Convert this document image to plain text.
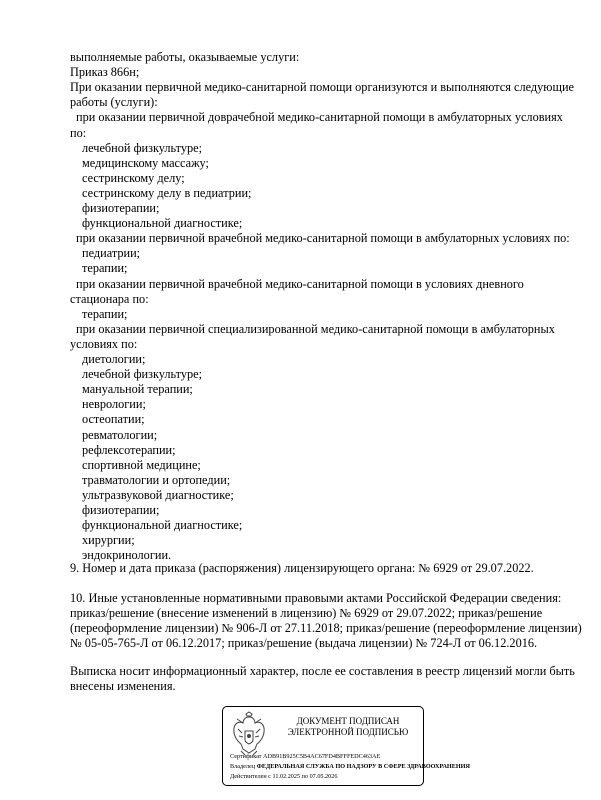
выполняемые работы, оказываемые услуги:

Приказ 866н;

При оказании первичной медико-санитарной помощи организуются и выполняются следующие

работы (услуги):

при оказании первичной доврачебной медико-санитарной помощи в амбулаторных условиях

по:

лечебной физкультуре;

медицинскому массажу;

сестринскому делу;

сестринскому делу в педиатрии;

физиотерапии;

функциональной диагностике;

при оказании первичной врачебной медико-санитарной помощи в амбулаторных условиях по:

педиатрии;

терапии;

при оказании первичной врачебной медико-санитарной помощи в условиях дневного

стационара по:

терапии;

при оказании первичной специализированной медико-санитарной помощи в амбулаторных

условиях по:

диетологии;

лечебной физкультуре;

мануальной терапии;

неврологии;

остеопатии;

ревматологии;

рефлексотерапии;

спортивной медицине;

травматологии и ортопедии;

ультразвуковой диагностике;

физиотерапии;

функциональной диагностике;

хирургии;

эндокринологии.

9. Номер и дата приказа (распоряжения) лицензирующего органа: № 6929 от 29.07.2022.

10. Иные установленные нормативными правовыми актами Российской Федерации сведения:

приказ/решение (внесение изменений в лицензию) № 6929 от 29.07.2022; приказ/решение

(переоформление лицензии) № 906-Л от 27.11.2018; приказ/решение (переоформление лицензии)

№ 05-05-765-Л от 06.12.2017; приказ/решение (выдача лицензии) № 724-Л от 06.12.2016.

Выписка носит информационный характер, после ее составления в реестр лицензий могли быть

внесены изменения.

ДОКУМЕНТ ПОДПИСАН
ЭЛЕКТРОННОЙ ПОДПИСЬЮ

Сертификат ADB91B925C5B4AC67FD4BFFFEDC463AE

Владелец ФЕДЕРАЛЬНАЯ СЛУЖБА ПО НАДЗОРУ В СФЕРЕ ЗДРАВООХРАНЕНИЯ

Действителен с 11.02.2025 по 07.05.2026
